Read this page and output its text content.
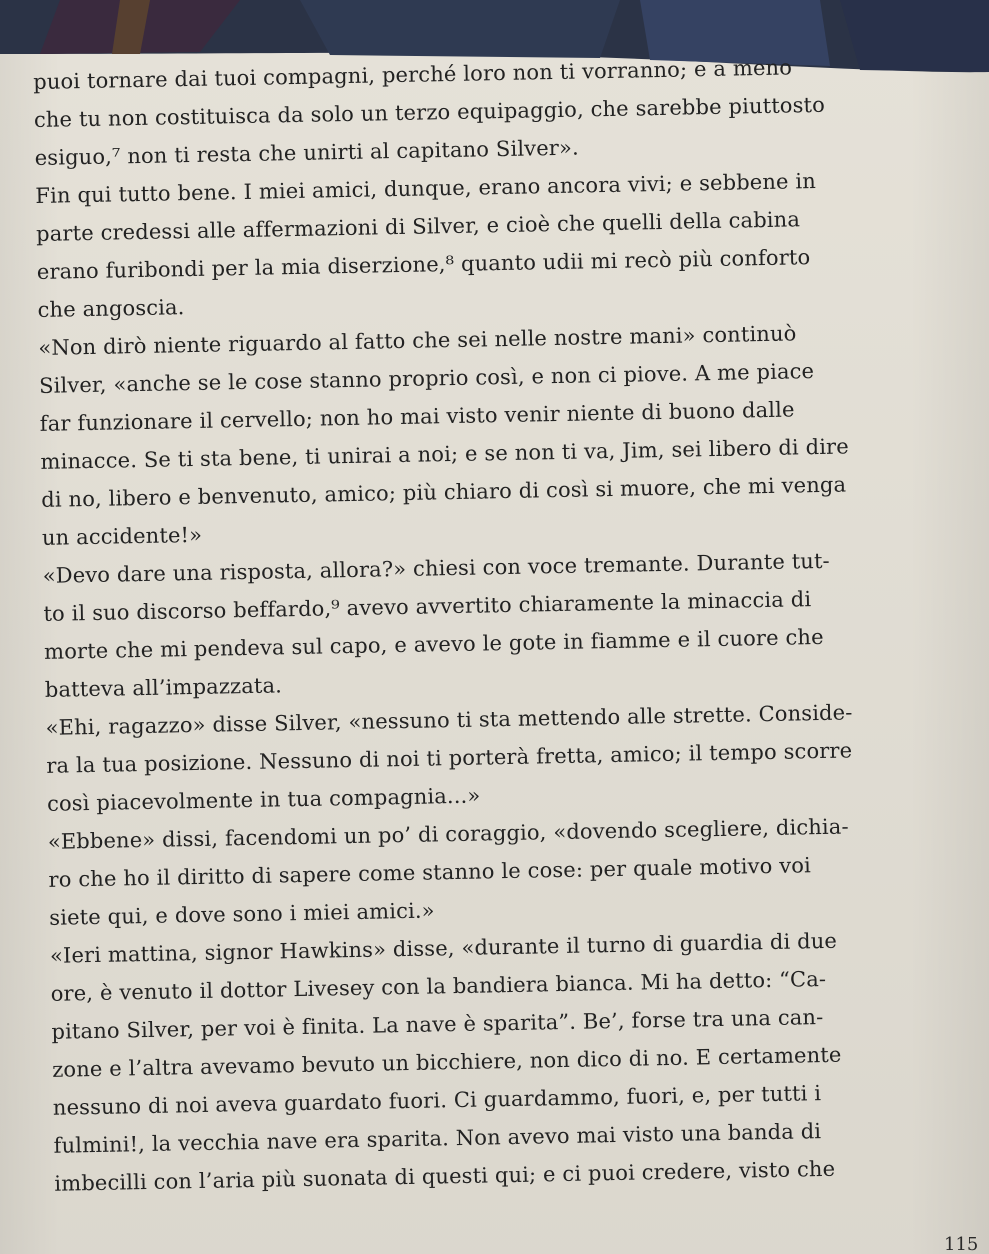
puoi tornare dai tuoi compagni, perché loro non ti vorranno; e a meno
che tu non costituisca da solo un terzo equipaggio, che sarebbe piuttosto
esiguo,⁷ non ti resta che unirti al capitano Silver».
Fin qui tutto bene. I miei amici, dunque, erano ancora vivi; e sebbene in
parte credessi alle affermazioni di Silver, e cioè che quelli della cabina
erano furibondi per la mia diserzione,⁸ quanto udii mi recò più conforto
che angoscia.
«Non dirò niente riguardo al fatto che sei nelle nostre mani» continuò
Silver, «anche se le cose stanno proprio così, e non ci piove. A me piace
far funzionare il cervello; non ho mai visto venir niente di buono dalle
minacce. Se ti sta bene, ti unirai a noi; e se non ti va, Jim, sei libero di dire
di no, libero e benvenuto, amico; più chiaro di così si muore, che mi venga
un accidente!»
«Devo dare una risposta, allora?» chiesi con voce tremante. Durante tut-
to il suo discorso beffardo,⁹ avevo avvertito chiaramente la minaccia di
morte che mi pendeva sul capo, e avevo le gote in fiamme e il cuore che
batteva all’impazzata.
«Ehi, ragazzo» disse Silver, «nessuno ti sta mettendo alle strette. Conside-
ra la tua posizione. Nessuno di noi ti porterà fretta, amico; il tempo scorre
così piacevolmente in tua compagnia...»
«Ebbene» dissi, facendomi un po’ di coraggio, «dovendo scegliere, dichia-
ro che ho il diritto di sapere come stanno le cose: per quale motivo voi
siete qui, e dove sono i miei amici.»
«Ieri mattina, signor Hawkins» disse, «durante il turno di guardia di due
ore, è venuto il dottor Livesey con la bandiera bianca. Mi ha detto: “Ca-
pitano Silver, per voi è finita. La nave è sparita”. Be’, forse tra una can-
zone e l’altra avevamo bevuto un bicchiere, non dico di no. E certamente
nessuno di noi aveva guardato fuori. Ci guardammo, fuori, e, per tutti i
fulmini!, la vecchia nave era sparita. Non avevo mai visto una banda di
imbecilli con l’aria più suonata di questi qui; e ci puoi credere, visto che
115
